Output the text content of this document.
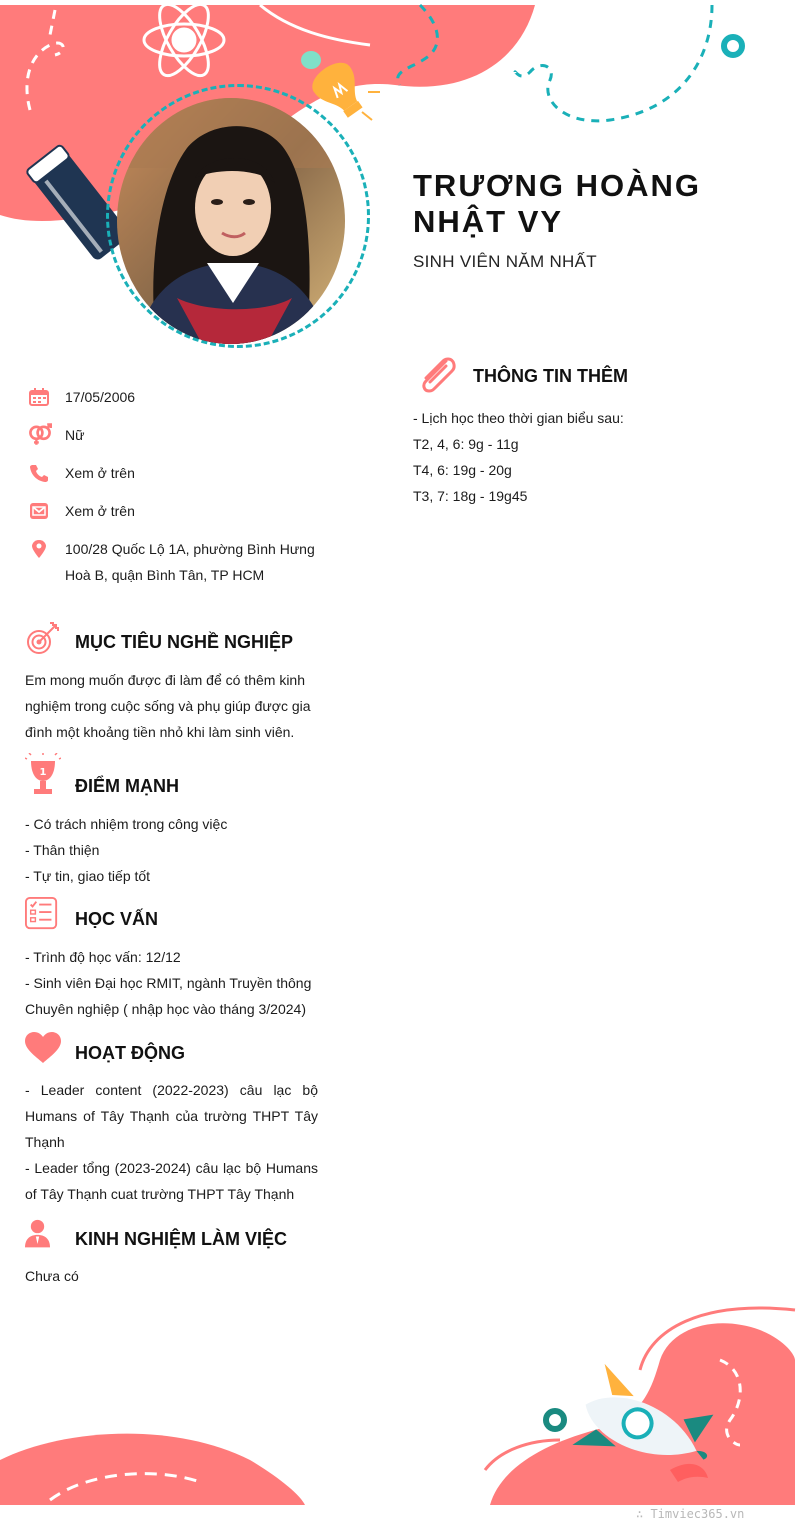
TRƯƠNG HOÀNG
NHẬT VY
SINH VIÊN NĂM NHẤT
17/05/2006
Nữ
Xem ở trên
Xem ở trên
100/28 Quốc Lộ 1A, phường Bình Hưng
Hoà B, quận Bình Tân, TP HCM
MỤC TIÊU NGHỀ NGHIỆP
Em mong muốn được đi làm để có thêm kinh
nghiệm trong cuộc sống và phụ giúp được gia
đình một khoảng tiền nhỏ khi làm sinh viên.
1
ĐIỂM MẠNH
- Có trách nhiệm trong công việc
- Thân thiện
- Tự tin, giao tiếp tốt
HỌC VẤN
- Trình độ học vấn: 12/12
- Sinh viên Đại học RMIT, ngành Truyền thông
Chuyên nghiệp ( nhập học vào tháng 3/2024)
HOẠT ĐỘNG
- Leader content (2022-2023) câu lạc bộ
Humans of Tây Thạnh của trường THPT Tây
Thạnh
- Leader tổng (2023-2024) câu lạc bộ Humans
of Tây Thạnh cuat trường THPT Tây Thạnh
KINH NGHIỆM LÀM VIỆC
Chưa có
THÔNG TIN THÊM
- Lịch học theo thời gian biểu sau:
T2, 4, 6: 9g - 11g
T4, 6: 19g - 20g
T3, 7: 18g - 19g45
∴ Timviec365.vn
